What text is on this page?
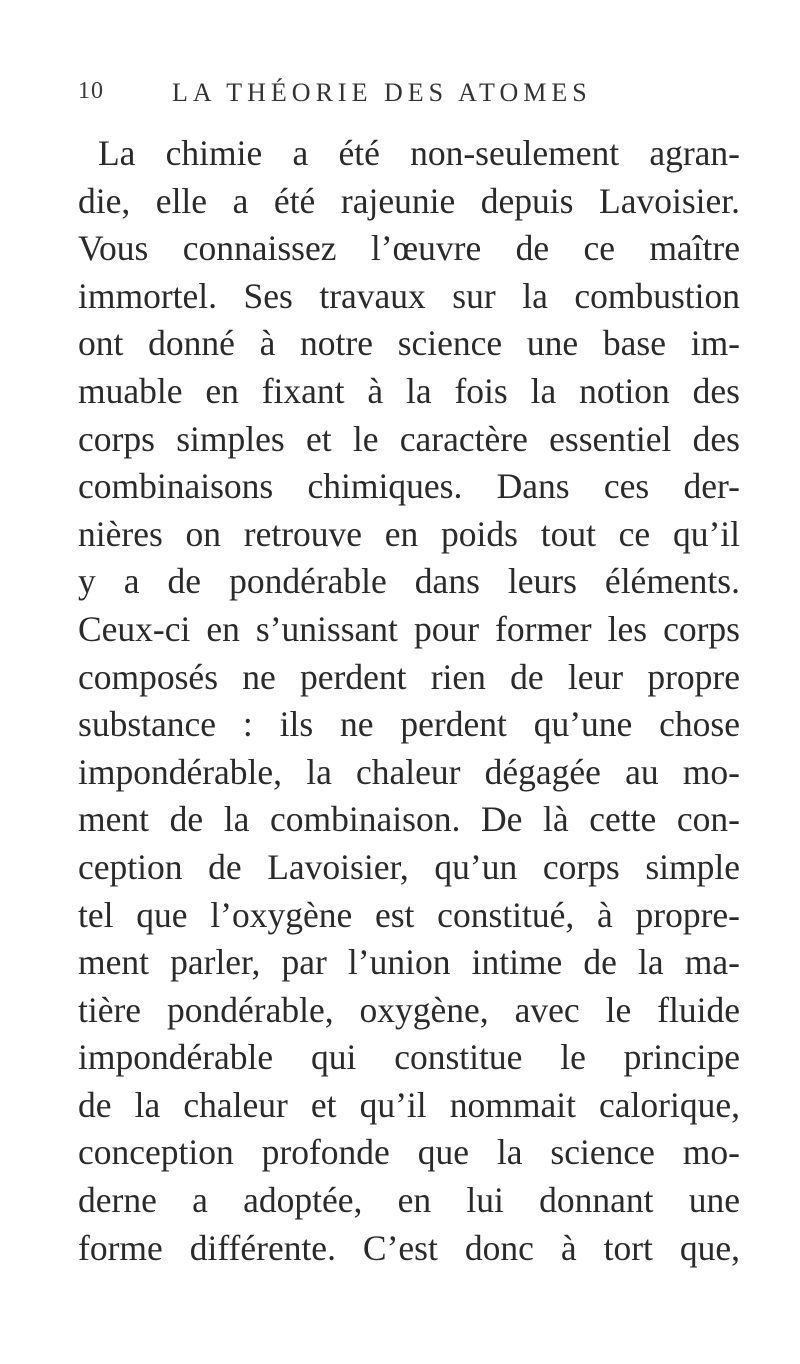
10	LA THÉORIE DES ATOMES
La chimie a été non-seulement agran-
die, elle a été rajeunie depuis Lavoisier.
Vous connaissez l’œuvre de ce maître
immortel. Ses travaux sur la combustion
ont donné à notre science une base im-
muable en fixant à la fois la notion des
corps simples et le caractère essentiel des
combinaisons chimiques. Dans ces der-
nières on retrouve en poids tout ce qu’il
y a de pondérable dans leurs éléments.
Ceux-ci en s’unissant pour former les corps
composés ne perdent rien de leur propre
substance : ils ne perdent qu’une chose
impondérable, la chaleur dégagée au mo-
ment de la combinaison. De là cette con-
ception de Lavoisier, qu’un corps simple
tel que l’oxygène est constitué, à propre-
ment parler, par l’union intime de la ma-
tière pondérable, oxygène, avec le fluide
impondérable qui constitue le principe
de la chaleur et qu’il nommait calorique,
conception profonde que la science mo-
derne a adoptée, en lui donnant une
forme différente. C’est donc à tort que,
